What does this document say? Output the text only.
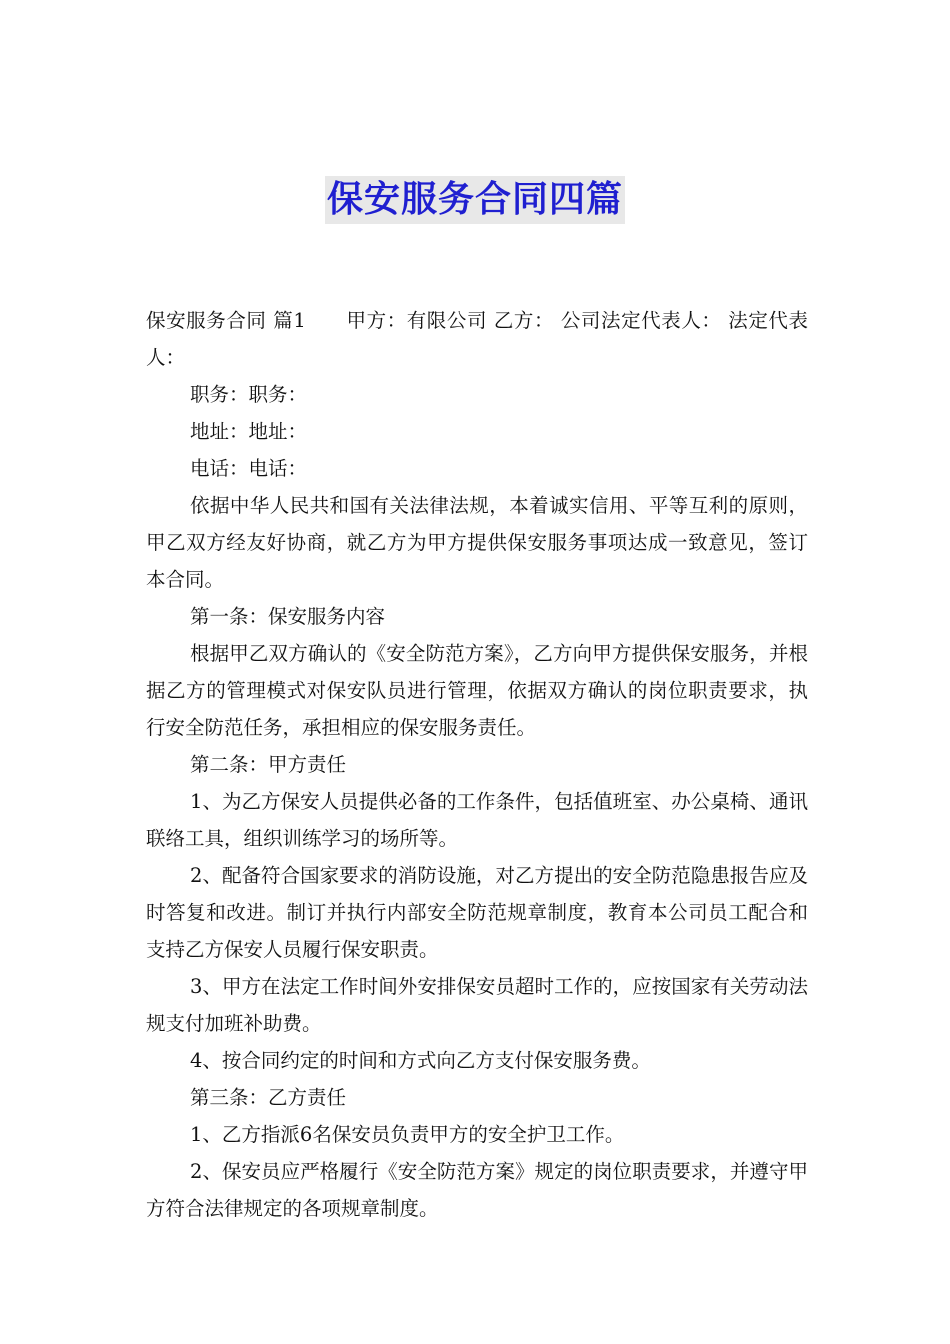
保安服务合同四篇

保安服务合同 篇1　　甲方：有限公司 乙方： 公司法定代表人： 法定代表人：

职务：职务：

地址：地址：

电话：电话：

依据中华人民共和国有关法律法规，本着诚实信用、平等互利的原则，甲乙双方经友好协商，就乙方为甲方提供保安服务事项达成一致意见，签订本合同。

第一条：保安服务内容

根据甲乙双方确认的《安全防范方案》，乙方向甲方提供保安服务，并根据乙方的管理模式对保安队员进行管理，依据双方确认的岗位职责要求，执行安全防范任务，承担相应的保安服务责任。

第二条：甲方责任

1、为乙方保安人员提供必备的工作条件，包括值班室、办公桌椅、通讯联络工具，组织训练学习的场所等。

2、配备符合国家要求的消防设施，对乙方提出的安全防范隐患报告应及时答复和改进。制订并执行内部安全防范规章制度，教育本公司员工配合和支持乙方保安人员履行保安职责。

3、甲方在法定工作时间外安排保安员超时工作的，应按国家有关劳动法规支付加班补助费。

4、按合同约定的时间和方式向乙方支付保安服务费。

第三条：乙方责任

1、乙方指派6名保安员负责甲方的安全护卫工作。

2、保安员应严格履行《安全防范方案》规定的岗位职责要求，并遵守甲方符合法律规定的各项规章制度。
